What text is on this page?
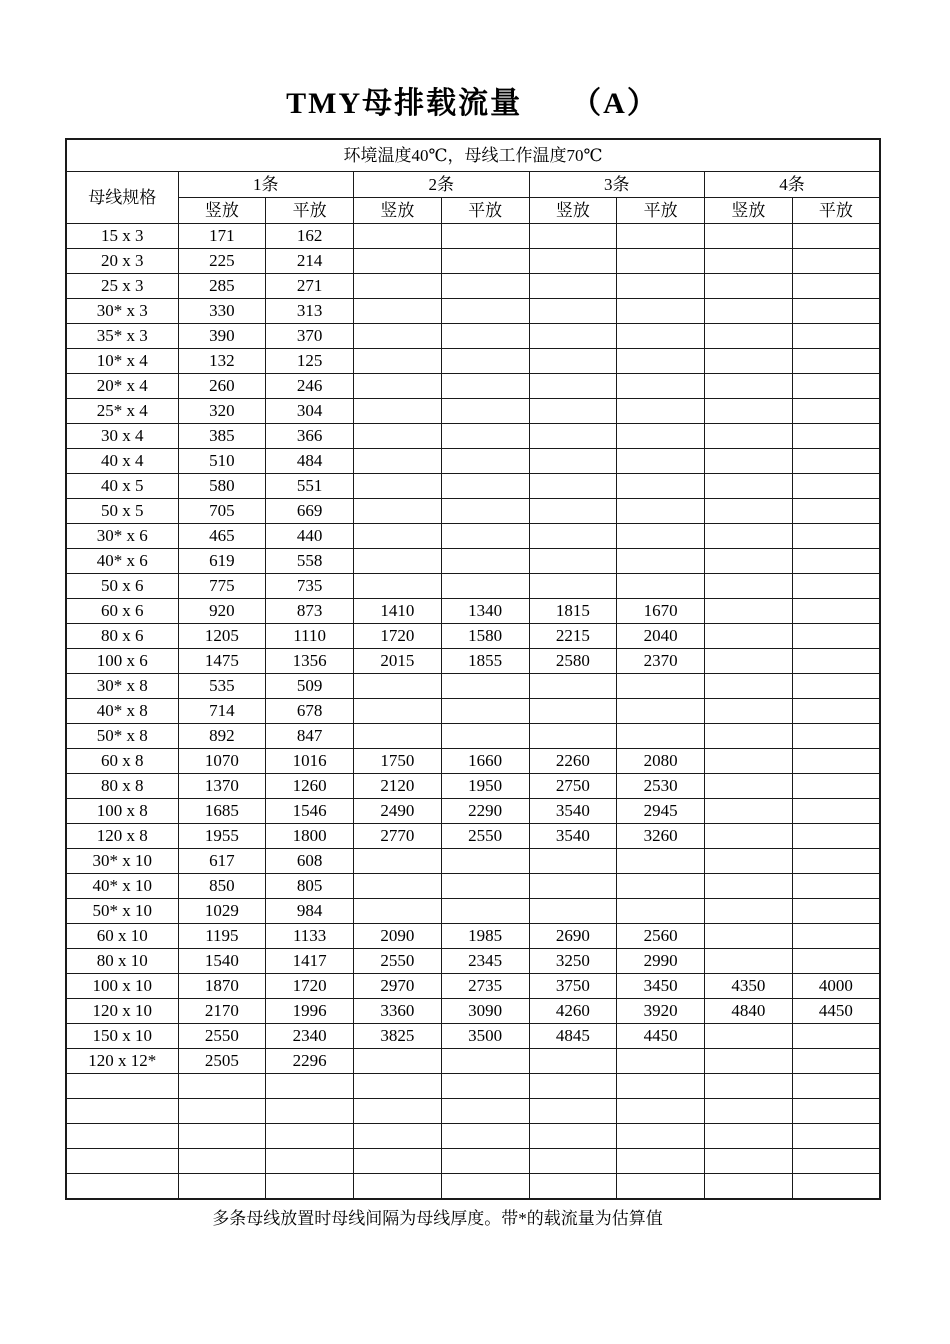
TMY母排载流量　　（A）
环境温度40℃，母线工作温度70℃								
母线规格	1条		2条		3条		4条	
	竖放	平放	竖放	平放	竖放	平放	竖放	平放
15 x 3	171	162						
20 x 3	225	214						
25 x 3	285	271						
30* x 3	330	313						
35* x 3	390	370						
10* x 4	132	125						
20* x 4	260	246						
25* x 4	320	304						
30 x 4	385	366						
40 x 4	510	484						
40 x 5	580	551						
50 x 5	705	669						
30* x 6	465	440						
40* x 6	619	558						
50 x 6	775	735						
60 x 6	920	873	1410	1340	1815	1670		
80 x 6	1205	1110	1720	1580	2215	2040		
100 x 6	1475	1356	2015	1855	2580	2370		
30* x 8	535	509						
40* x 8	714	678						
50* x 8	892	847						
60 x 8	1070	1016	1750	1660	2260	2080		
80 x 8	1370	1260	2120	1950	2750	2530		
100 x 8	1685	1546	2490	2290	3540	2945		
120 x 8	1955	1800	2770	2550	3540	3260		
30* x 10	617	608						
40* x 10	850	805						
50* x 10	1029	984						
60 x 10	1195	1133	2090	1985	2690	2560		
80 x 10	1540	1417	2550	2345	3250	2990		
100 x 10	1870	1720	2970	2735	3750	3450	4350	4000
120 x 10	2170	1996	3360	3090	4260	3920	4840	4450
150 x 10	2550	2340	3825	3500	4845	4450		
120 x 12*	2505	2296						

多条母线放置时母线间隔为母线厚度。带*的载流量为估算值
